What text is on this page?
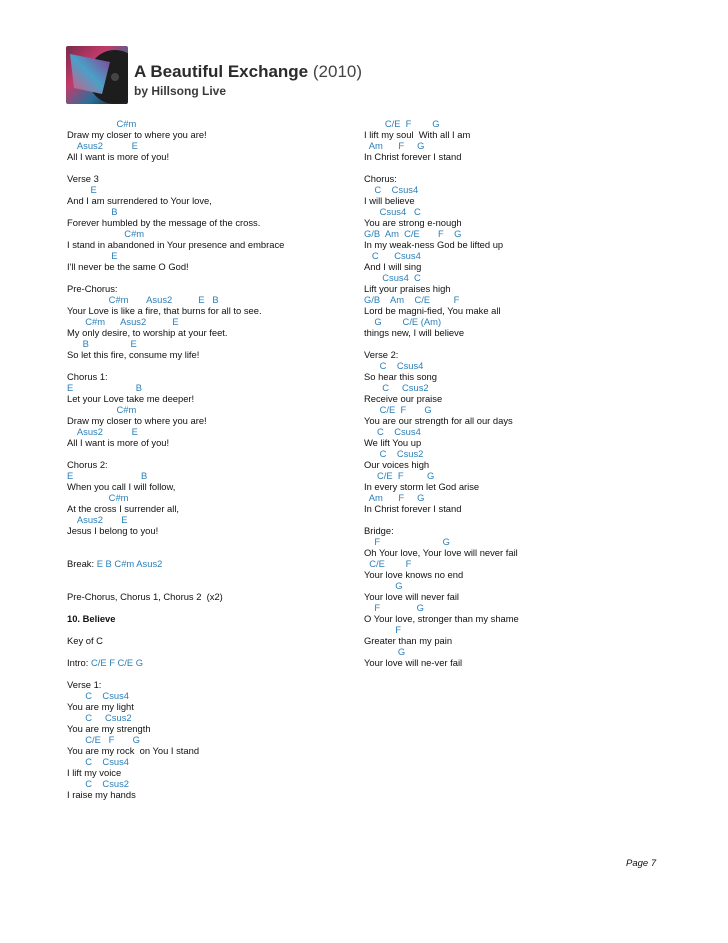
A Beautiful Exchange (2010)
by Hillsong Live
C#m
Draw my closer to where you are!
Asus2           E
All I want is more of you!
Verse 3
E
And I am surrendered to Your love,
B
Forever humbled by the message of the cross.
C#m
I stand in abandoned in Your presence and embrace
E
I'll never be the same O God!
Pre-Chorus:
C#m       Asus2          E   B
Your Love is like a fire, that burns for all to see.
C#m      Asus2          E
My only desire, to worship at your feet.
B                E
So let this fire, consume my life!
Chorus 1:
E                        B
Let your Love take me deeper!
C#m
Draw my closer to where you are!
Asus2           E
All I want is more of you!
Chorus 2:
E                          B
When you call I will follow,
C#m
At the cross I surrender all,
Asus2       E
Jesus I belong to you!
Break: E B C#m Asus2
Pre-Chorus, Chorus 1, Chorus 2  (x2)
10. Believe
Key of C
Intro: C/E F C/E G
Verse 1:
C    Csus4
You are my light
C     Csus2
You are my strength
C/E   F       G
You are my rock  on You I stand
C    Csus4
I lift my voice
C    Csus2
I raise my hands
C/E  F        G
I lift my soul  With all I am
Am      F     G
In Christ forever I stand
Chorus:
C    Csus4
I will believe
Csus4   C
You are strong e-nough
G/B  Am  C/E       F    G
In my weak-ness God be lifted up
C      Csus4
And I will sing
Csus4  C
Lift your praises high
G/B    Am    C/E         F
Lord be magni-fied, You make all
G        C/E (Am)
things new, I will believe
Verse 2:
C    Csus4
So hear this song
C     Csus2
Receive our praise
C/E  F       G
You are our strength for all our days
C    Csus4
We lift You up
C    Csus2
Our voices high
C/E  F         G
In every storm let God arise
Am      F     G
In Christ forever I stand
Bridge:
F                        G
Oh Your love, Your love will never fail
C/E        F
Your love knows no end
G
Your love will never fail
F              G
O Your love, stronger than my shame
F
Greater than my pain
G
Your love will ne-ver fail
Page 7
